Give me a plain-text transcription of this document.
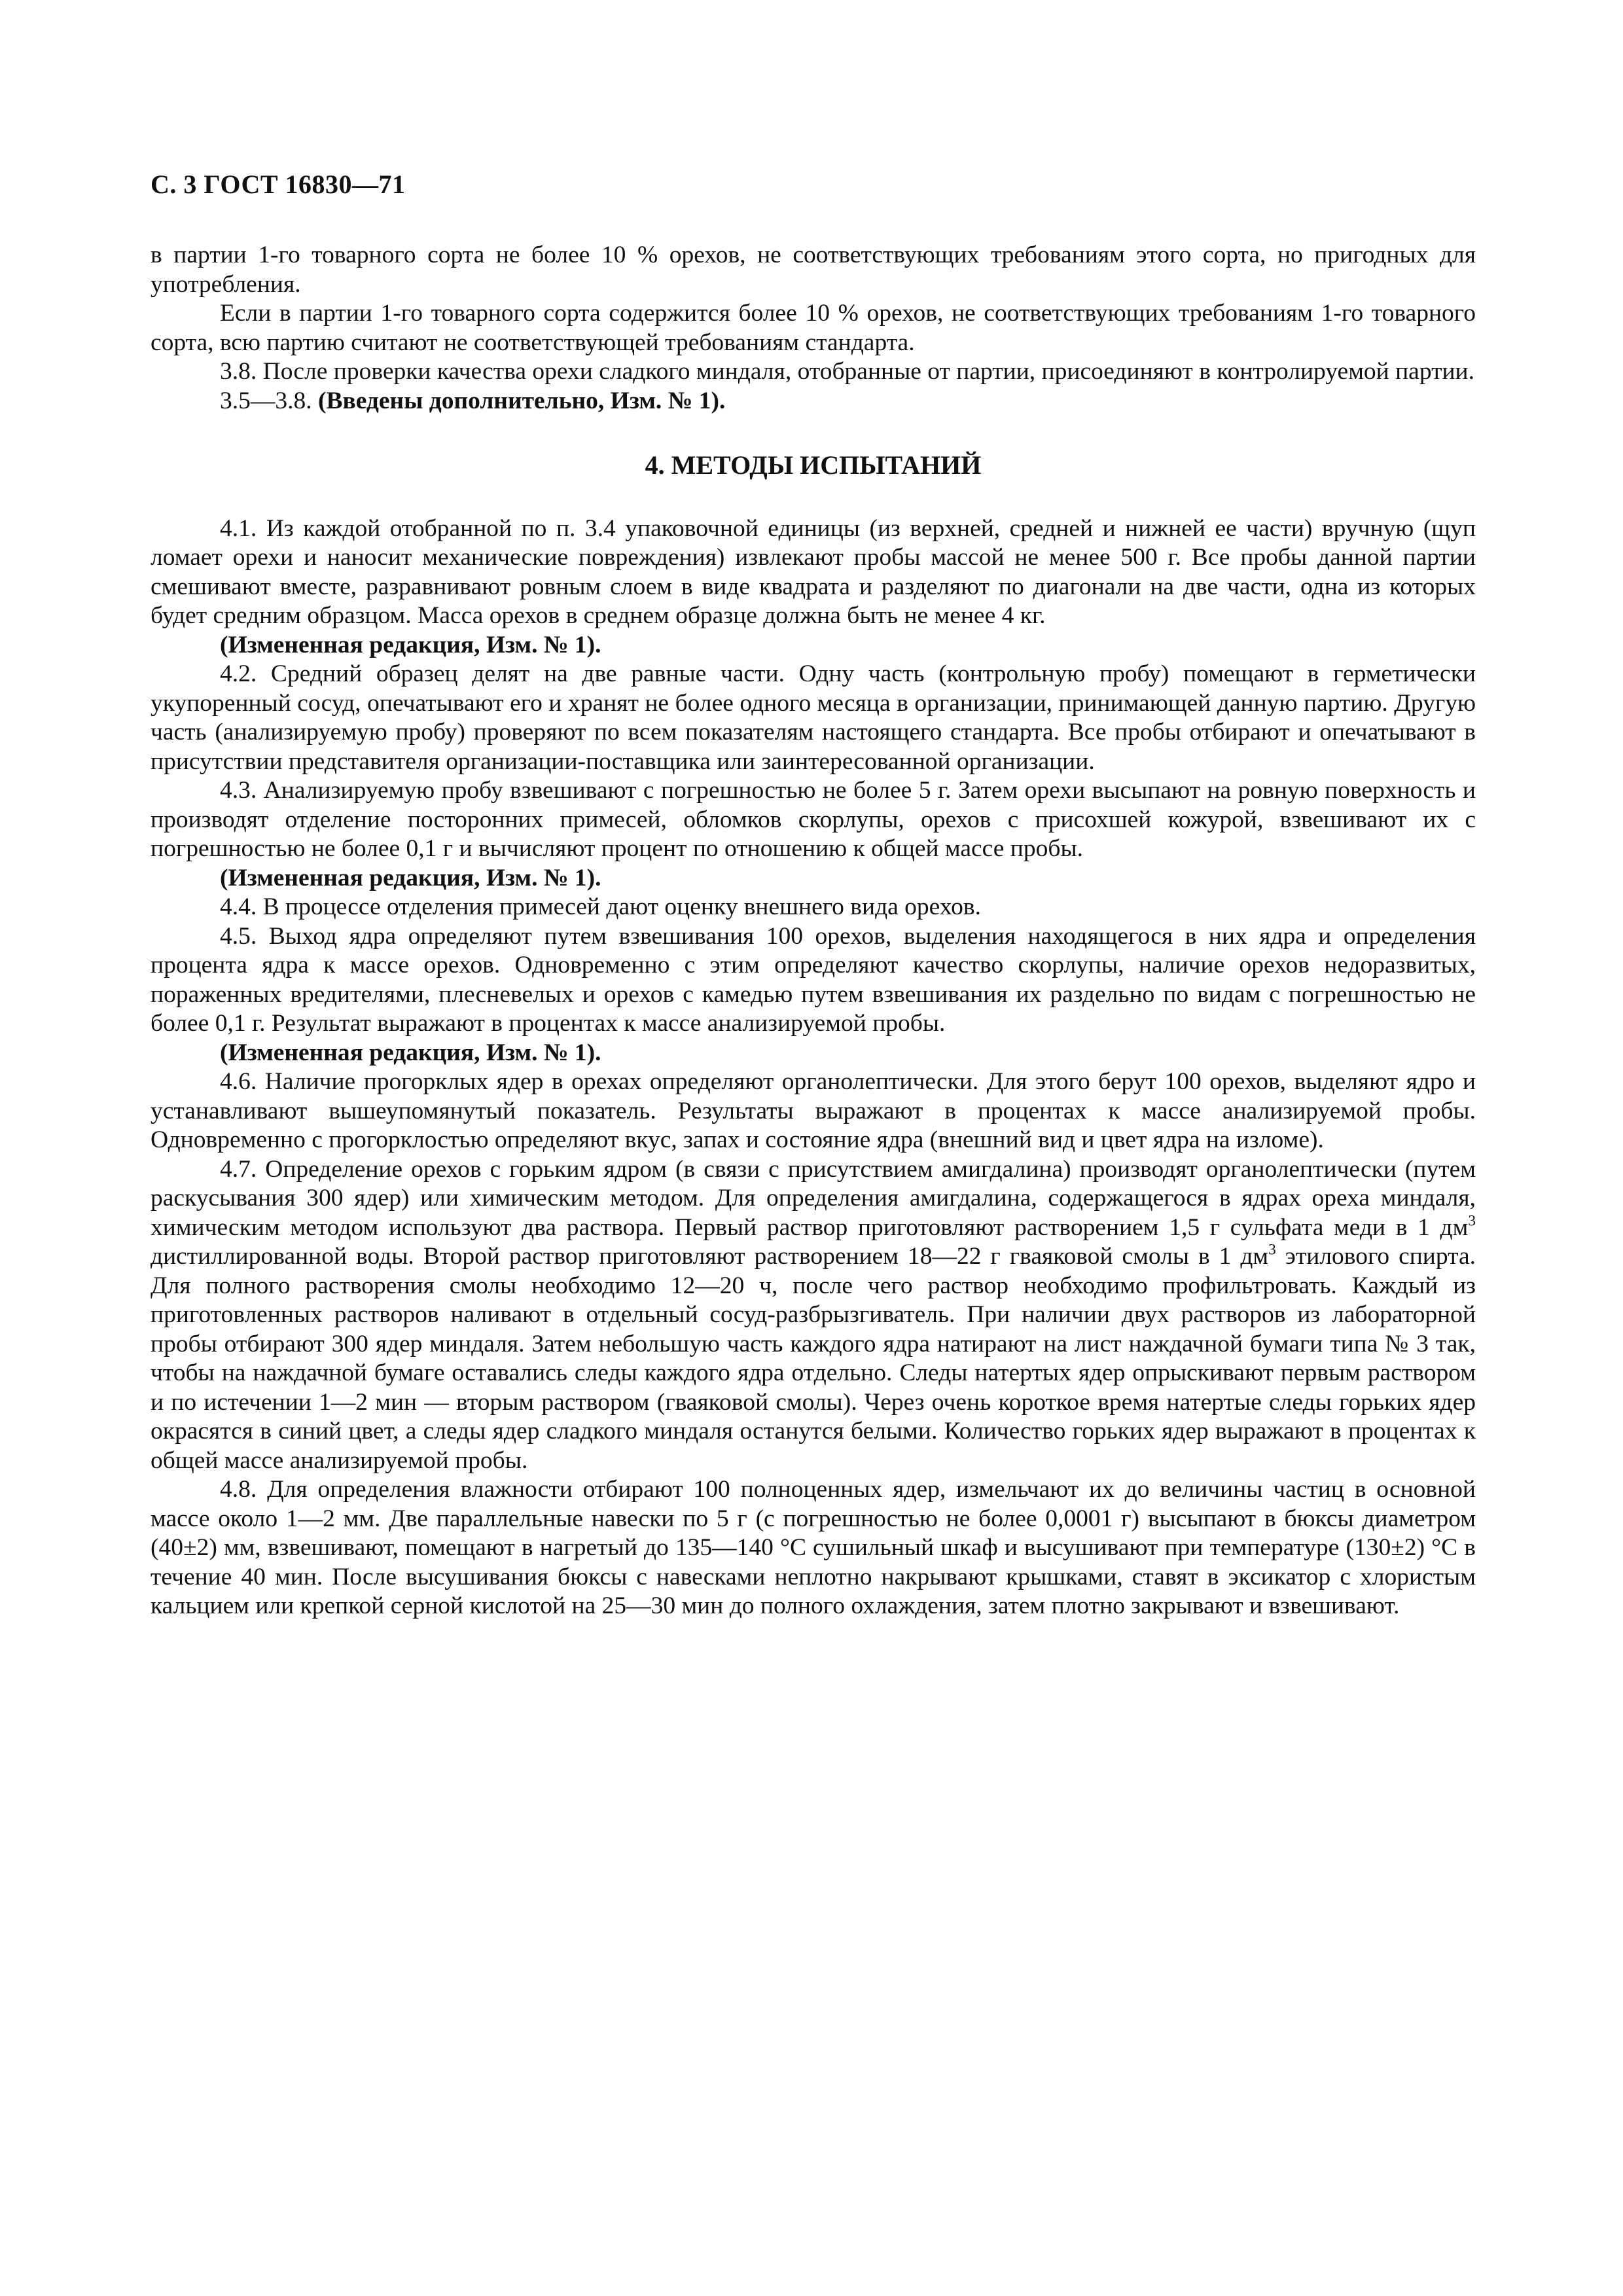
С. 3 ГОСТ 16830—71

в партии 1-го товарного сорта не более 10 % орехов, не соответствующих требованиям этого сорта, но пригодных для употребления.

Если в партии 1-го товарного сорта содержится более 10 % орехов, не соответствующих требованиям 1-го товарного сорта, всю партию считают не соответствующей требованиям стандарта.

3.8. После проверки качества орехи сладкого миндаля, отобранные от партии, присоединяют в контролируемой партии.

3.5—3.8. (Введены дополнительно, Изм. № 1).

4. МЕТОДЫ ИСПЫТАНИЙ

4.1. Из каждой отобранной по п. 3.4 упаковочной единицы (из верхней, средней и нижней ее части) вручную (щуп ломает орехи и наносит механические повреждения) извлекают пробы массой не менее 500 г. Все пробы данной партии смешивают вместе, разравнивают ровным слоем в виде квадрата и разделяют по диагонали на две части, одна из которых будет средним образцом. Масса орехов в среднем образце должна быть не менее 4 кг.

(Измененная редакция, Изм. № 1).

4.2. Средний образец делят на две равные части. Одну часть (контрольную пробу) помещают в герметически укупоренный сосуд, опечатывают его и хранят не более одного месяца в организации, принимающей данную партию. Другую часть (анализируемую пробу) проверяют по всем показателям настоящего стандарта. Все пробы отбирают и опечатывают в присутствии представителя организации-поставщика или заинтересованной организации.

4.3. Анализируемую пробу взвешивают с погрешностью не более 5 г. Затем орехи высыпают на ровную поверхность и производят отделение посторонних примесей, обломков скорлупы, орехов с присохшей кожурой, взвешивают их с погрешностью не более 0,1 г и вычисляют процент по отношению к общей массе пробы.

(Измененная редакция, Изм. № 1).

4.4. В процессе отделения примесей дают оценку внешнего вида орехов.

4.5. Выход ядра определяют путем взвешивания 100 орехов, выделения находящегося в них ядра и определения процента ядра к массе орехов. Одновременно с этим определяют качество скорлупы, наличие орехов недоразвитых, пораженных вредителями, плесневелых и орехов с камедью путем взвешивания их раздельно по видам с погрешностью не более 0,1 г. Результат выражают в процентах к массе анализируемой пробы.

(Измененная редакция, Изм. № 1).

4.6. Наличие прогорклых ядер в орехах определяют органолептически. Для этого берут 100 орехов, выделяют ядро и устанавливают вышеупомянутый показатель. Результаты выражают в процентах к массе анализируемой пробы. Одновременно с прогорклостью определяют вкус, запах и состояние ядра (внешний вид и цвет ядра на изломе).

4.7. Определение орехов с горьким ядром (в связи с присутствием амигдалина) производят органолептически (путем раскусывания 300 ядер) или химическим методом. Для определения амигдалина, содержащегося в ядрах ореха миндаля, химическим методом используют два раствора. Первый раствор приготовляют растворением 1,5 г сульфата меди в 1 $дм^3$ дистиллированной воды. Второй раствор приготовляют растворением 18—22 г гваяковой смолы в 1 $дм^3$ этилового спирта. Для полного растворения смолы необходимо 12—20 ч, после чего раствор необходимо профильтровать. Каждый из приготовленных растворов наливают в отдельный сосуд-разбрызгиватель. При наличии двух растворов из лабораторной пробы отбирают 300 ядер миндаля. Затем небольшую часть каждого ядра натирают на лист наждачной бумаги типа № 3 так, чтобы на наждачной бумаге оставались следы каждого ядра отдельно. Следы натертых ядер опрыскивают первым раствором и по истечении 1—2 мин — вторым раствором (гваяковой смолы). Через очень короткое время натертые следы горьких ядер окрасятся в синий цвет, а следы ядер сладкого миндаля останутся белыми. Количество горьких ядер выражают в процентах к общей массе анализируемой пробы.

4.8. Для определения влажности отбирают 100 полноценных ядер, измельчают их до величины частиц в основной массе около 1—2 мм. Две параллельные навески по 5 г (с погрешностью не более 0,0001 г) высыпают в бюксы диаметром (40±2) мм, взвешивают, помещают в нагретый до 135—140 °С сушильный шкаф и высушивают при температуре (130±2) °С в течение 40 мин. После высушивания бюксы с навесками неплотно накрывают крышками, ставят в эксикатор с хлористым кальцием или крепкой серной кислотой на 25—30 мин до полного охлаждения, затем плотно закрывают и взвешивают.
